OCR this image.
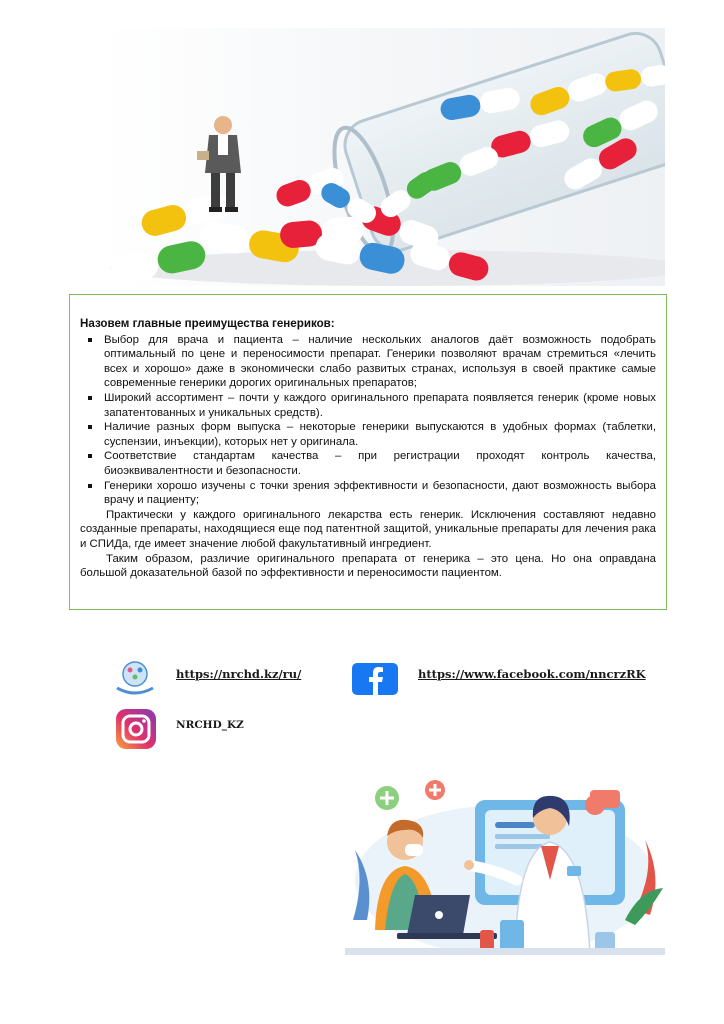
Назовем главные преимущества генериков:
Выбор для врача и пациента – наличие нескольких аналогов даёт возможность подобрать оптимальный по цене и переносимости препарат. Генерики позволяют врачам стремиться «лечить всех и хорошо» даже в экономически слабо развитых странах, используя в своей практике самые современные генерики дорогих оригинальных препаратов;
Широкий ассортимент – почти у каждого оригинального препарата появляется генерик (кроме новых запатентованных и уникальных средств).
Наличие разных форм выпуска – некоторые генерики выпускаются в удобных формах (таблетки, суспензии, инъекции), которых нет у оригинала.
Соответствие стандартам качества – при регистрации проходят контроль качества, биоэквивалентности и безопасности.
Генерики хорошо изучены с точки зрения эффективности и безопасности, дают возможность выбора врачу и пациенту;

Практически у каждого оригинального лекарства есть генерик. Исключения составляют недавно созданные препараты, находящиеся еще под патентной защитой, уникальные препараты для лечения рака и СПИДа, где имеет значение любой факультативный ингредиент.

Таким образом, различие оригинального препарата от генерика – это цена. Но она оправдана большой доказательной базой по эффективности и переносимости пациентом.

https://nrchd.kz/ru/	https://www.facebook.com/nncrzRK
NRCHD_KZ
